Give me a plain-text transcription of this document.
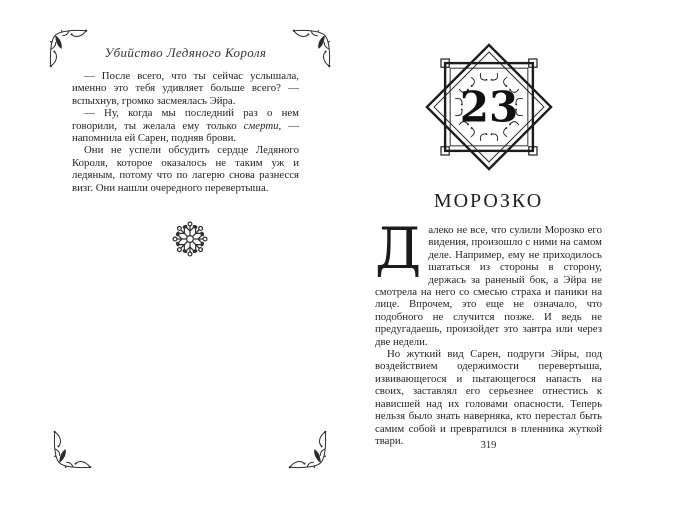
Убийство Ледяного Короля

— После всего, что ты сейчас услышала, именно это тебя удивляет больше всего? — вспыхнув, громко засмеялась Эйра.

— Ну, когда мы последний раз о нем говорили, ты желала ему только смерти, — напомнила ей Сарен, подняв брови.

Они не успели обсудить сердце Ледяного Короля, которое оказалось не таким уж и ледяным, потому что по лагерю снова разнесся визг. Они нашли очередного перевертыша.

23
МОРОЗКО

Далеко не все, что сулили Морозко его видения, произошло с ними на самом деле. Например, ему не приходилось шататься из стороны в сторону, держась за раненый бок, а Эйра не смотрела на него со смесью страха и паники на лице. Впрочем, это еще не означало, что подобного не случится позже. И ведь не предугадаешь, произойдет это завтра или через две недели.

Но жуткий вид Сарен, подруги Эйры, под воздействием одержимости перевертыша, извивающегося и пытающегося напасть на своих, заставлял его серьезнее отнестись к нависшей над их головами опасности. Теперь нельзя было знать наверняка, кто перестал быть самим собой и превратился в пленника жуткой твари.	319
